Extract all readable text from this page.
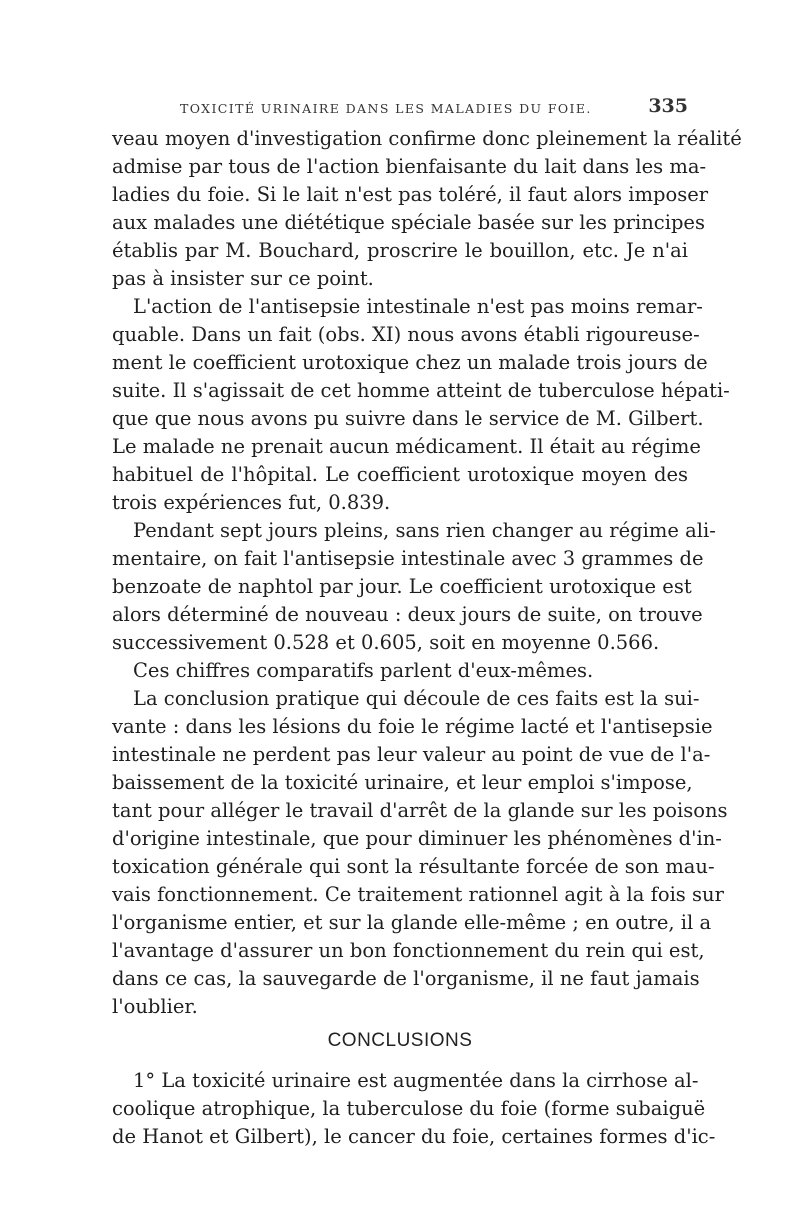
TOXICITÉ URINAIRE DANS LES MALADIES DU FOIE.	335
veau moyen d'investigation confirme donc pleinement la réalité
admise par tous de l'action bienfaisante du lait dans les ma-
ladies du foie. Si le lait n'est pas toléré, il faut alors imposer
aux malades une diététique spéciale basée sur les principes
établis par M. Bouchard, proscrire le bouillon, etc. Je n'ai
pas à insister sur ce point.
L'action de l'antisepsie intestinale n'est pas moins remar-
quable. Dans un fait (obs. XI) nous avons établi rigoureuse-
ment le coefficient urotoxique chez un malade trois jours de
suite. Il s'agissait de cet homme atteint de tuberculose hépati-
que que nous avons pu suivre dans le service de M. Gilbert.
Le malade ne prenait aucun médicament. Il était au régime
habituel de l'hôpital. Le coefficient urotoxique moyen des
trois expériences fut, 0.839.
Pendant sept jours pleins, sans rien changer au régime ali-
mentaire, on fait l'antisepsie intestinale avec 3 grammes de
benzoate de naphtol par jour. Le coefficient urotoxique est
alors déterminé de nouveau : deux jours de suite, on trouve
successivement 0.528 et 0.605, soit en moyenne 0.566.
Ces chiffres comparatifs parlent d'eux-mêmes.
La conclusion pratique qui découle de ces faits est la sui-
vante : dans les lésions du foie le régime lacté et l'antisepsie
intestinale ne perdent pas leur valeur au point de vue de l'a-
baissement de la toxicité urinaire, et leur emploi s'impose,
tant pour alléger le travail d'arrêt de la glande sur les poisons
d'origine intestinale, que pour diminuer les phénomènes d'in-
toxication générale qui sont la résultante forcée de son mau-
vais fonctionnement. Ce traitement rationnel agit à la fois sur
l'organisme entier, et sur la glande elle-même ; en outre, il a
l'avantage d'assurer un bon fonctionnement du rein qui est,
dans ce cas, la sauvegarde de l'organisme, il ne faut jamais
l'oublier.
CONCLUSIONS
1° La toxicité urinaire est augmentée dans la cirrhose al-
coolique atrophique, la tuberculose du foie (forme subaiguë
de Hanot et Gilbert), le cancer du foie, certaines formes d'ic-
